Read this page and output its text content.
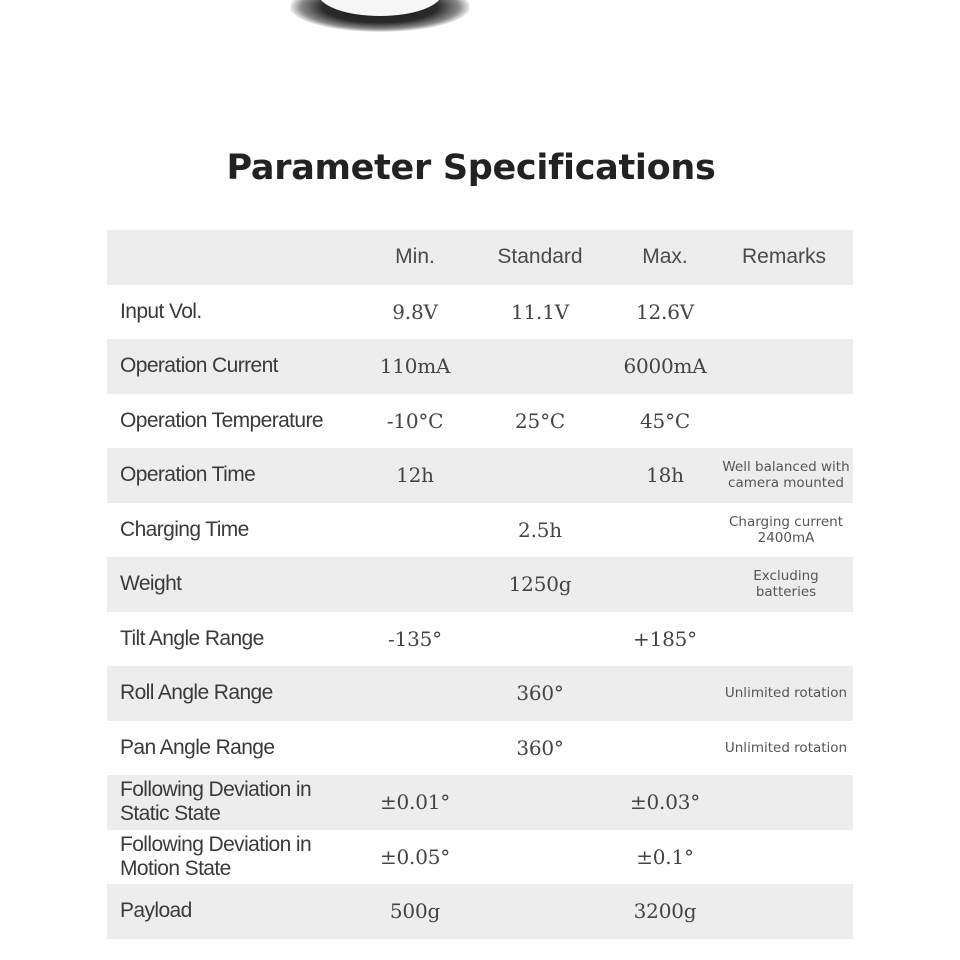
Parameter Specifications
	Min.	Standard	Max.	Remarks
Input Vol.	9.8V	11.1V	12.6V	
Operation Current	110mA		6000mA	
Operation Temperature	-10°C	25°C	45°C	
Operation Time	12h		18h	Well balanced with camera mounted
Charging Time		2.5h		Charging current 2400mA
Weight		1250g		Excluding batteries
Tilt Angle Range	-135°		+185°	
Roll Angle Range		360°		Unlimited rotation
Pan Angle Range		360°		Unlimited rotation
Following Deviation in Static State	±0.01°		±0.03°	
Following Deviation in Motion State	±0.05°		±0.1°	
Payload	500g		3200g	
